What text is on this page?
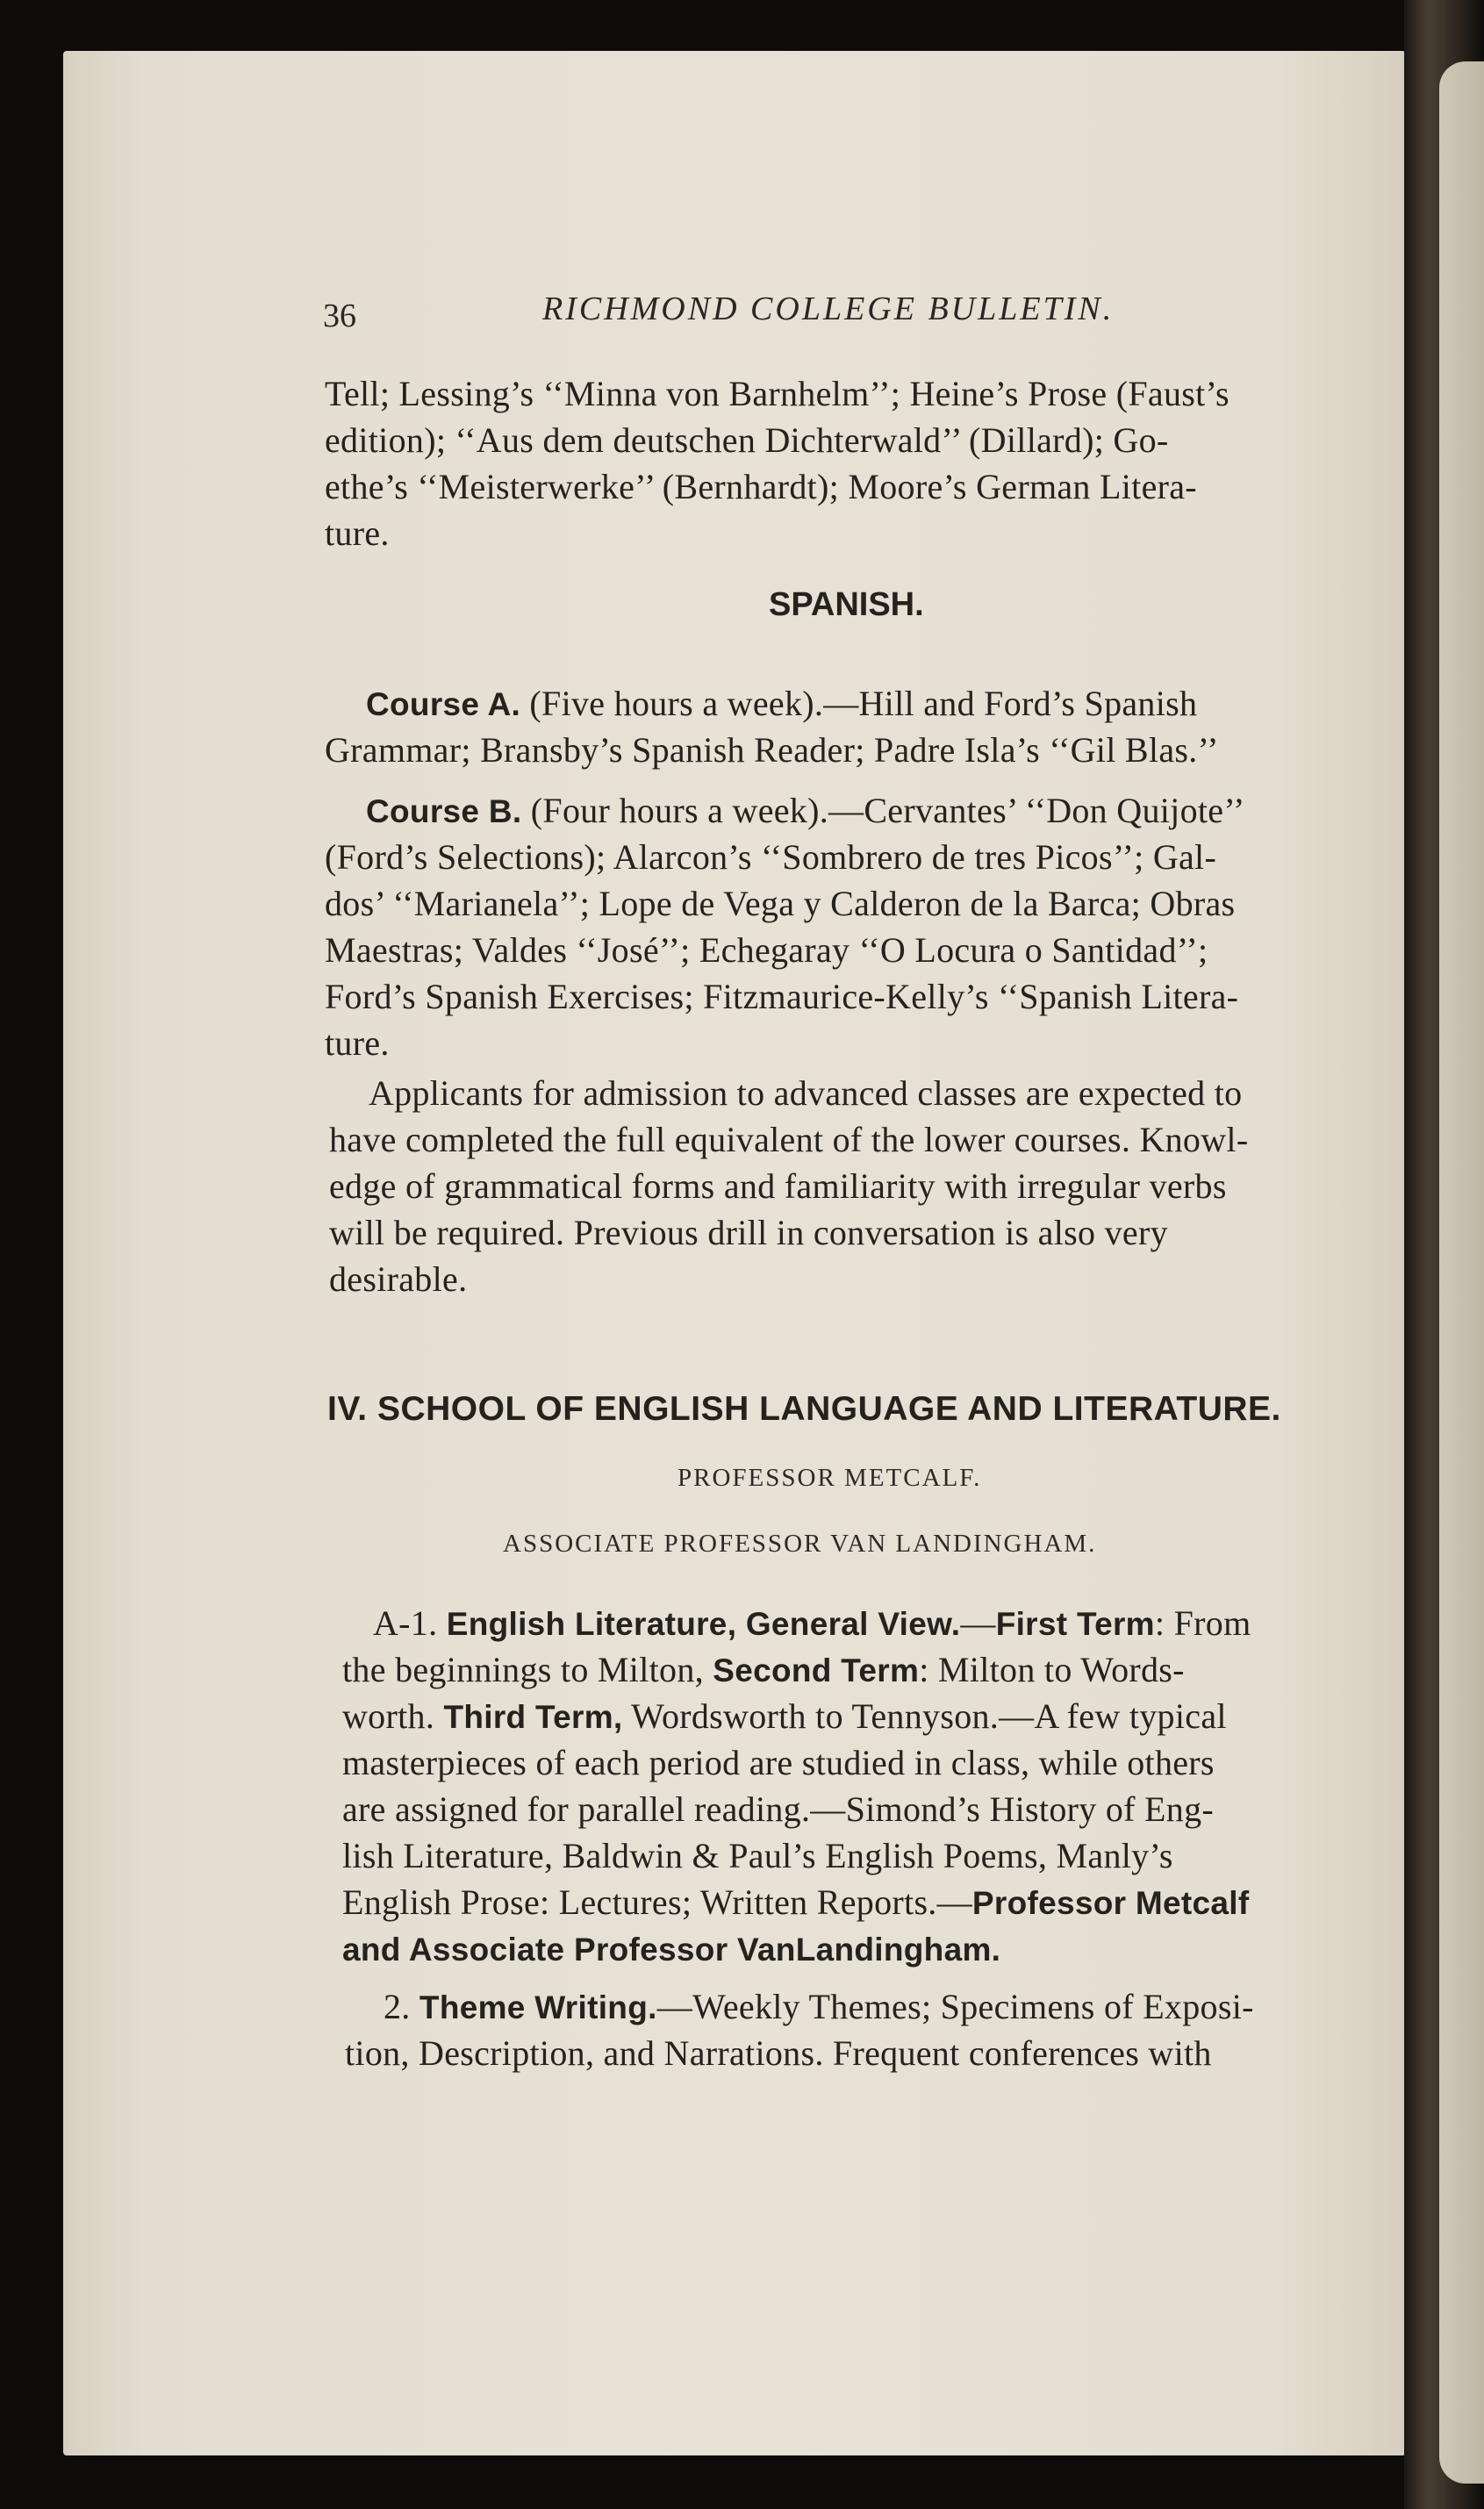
36	RICHMOND COLLEGE BULLETIN.
Tell; Lessing’s ‘‘Minna von Barnhelm’’; Heine’s Prose (Faust’s
edition); ‘‘Aus dem deutschen Dichterwald’’ (Dillard); Go-
ethe’s ‘‘Meisterwerke’’ (Bernhardt); Moore’s German Litera-
ture.
SPANISH.
Course A. (Five hours a week).—Hill and Ford’s Spanish
Grammar; Bransby’s Spanish Reader; Padre Isla’s ‘‘Gil Blas.’’
Course B. (Four hours a week).—Cervantes’ ‘‘Don Quijote’’
(Ford’s Selections); Alarcon’s ‘‘Sombrero de tres Picos’’; Gal-
dos’ ‘‘Marianela’’; Lope de Vega y Calderon de la Barca; Obras
Maestras; Valdes ‘‘José’’; Echegaray ‘‘O Locura o Santidad’’;
Ford’s Spanish Exercises; Fitzmaurice-Kelly’s ‘‘Spanish Litera-
ture.
Applicants for admission to advanced classes are expected to
have completed the full equivalent of the lower courses. Knowl-
edge of grammatical forms and familiarity with irregular verbs
will be required. Previous drill in conversation is also very
desirable.
IV. SCHOOL OF ENGLISH LANGUAGE AND LITERATURE.
PROFESSOR METCALF.
ASSOCIATE PROFESSOR VAN LANDINGHAM.
A-1. English Literature, General View.—First Term: From
the beginnings to Milton, Second Term: Milton to Words-
worth. Third Term, Wordsworth to Tennyson.—A few typical
masterpieces of each period are studied in class, while others
are assigned for parallel reading.—Simond’s History of Eng-
lish Literature, Baldwin & Paul’s English Poems, Manly’s
English Prose: Lectures; Written Reports.—Professor Metcalf
and Associate Professor VanLandingham.
2. Theme Writing.—Weekly Themes; Specimens of Exposi-
tion, Description, and Narrations. Frequent conferences with
